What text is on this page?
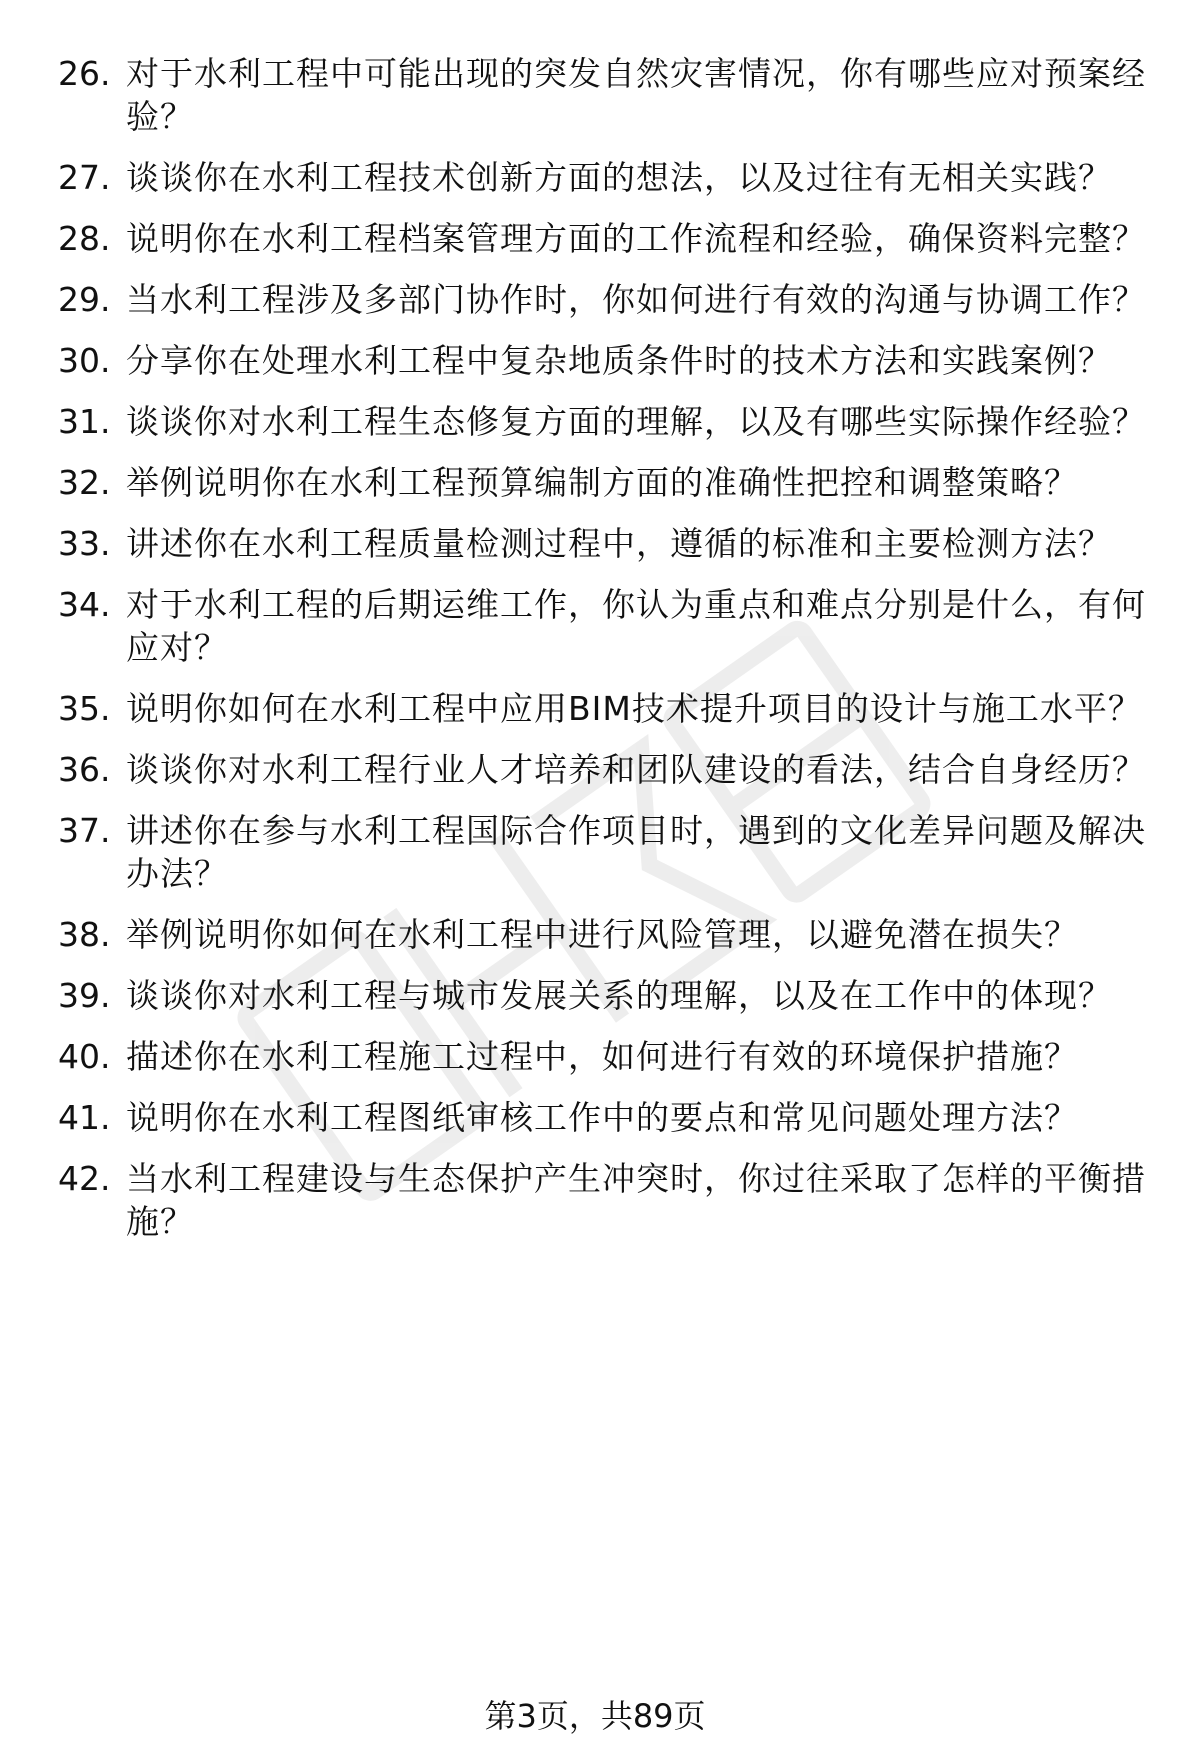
26. 对于水利工程中可能出现的突发自然灾害情况，你有哪些应对预案经验？
27. 谈谈你在水利工程技术创新方面的想法，以及过往有无相关实践？
28. 说明你在水利工程档案管理方面的工作流程和经验，确保资料完整？
29. 当水利工程涉及多部门协作时，你如何进行有效的沟通与协调工作？
30. 分享你在处理水利工程中复杂地质条件时的技术方法和实践案例？
31. 谈谈你对水利工程生态修复方面的理解，以及有哪些实际操作经验？
32. 举例说明你在水利工程预算编制方面的准确性把控和调整策略？
33. 讲述你在水利工程质量检测过程中，遵循的标准和主要检测方法？
34. 对于水利工程的后期运维工作，你认为重点和难点分别是什么，有何应对？
35. 说明你如何在水利工程中应用BIM技术提升项目的设计与施工水平？
36. 谈谈你对水利工程行业人才培养和团队建设的看法，结合自身经历？
37. 讲述你在参与水利工程国际合作项目时，遇到的文化差异问题及解决办法？
38. 举例说明你如何在水利工程中进行风险管理，以避免潜在损失？
39. 谈谈你对水利工程与城市发展关系的理解，以及在工作中的体现？
40. 描述你在水利工程施工过程中，如何进行有效的环境保护措施？
41. 说明你在水利工程图纸审核工作中的要点和常见问题处理方法？
42. 当水利工程建设与生态保护产生冲突时，你过往采取了怎样的平衡措施？
第3页，共89页
